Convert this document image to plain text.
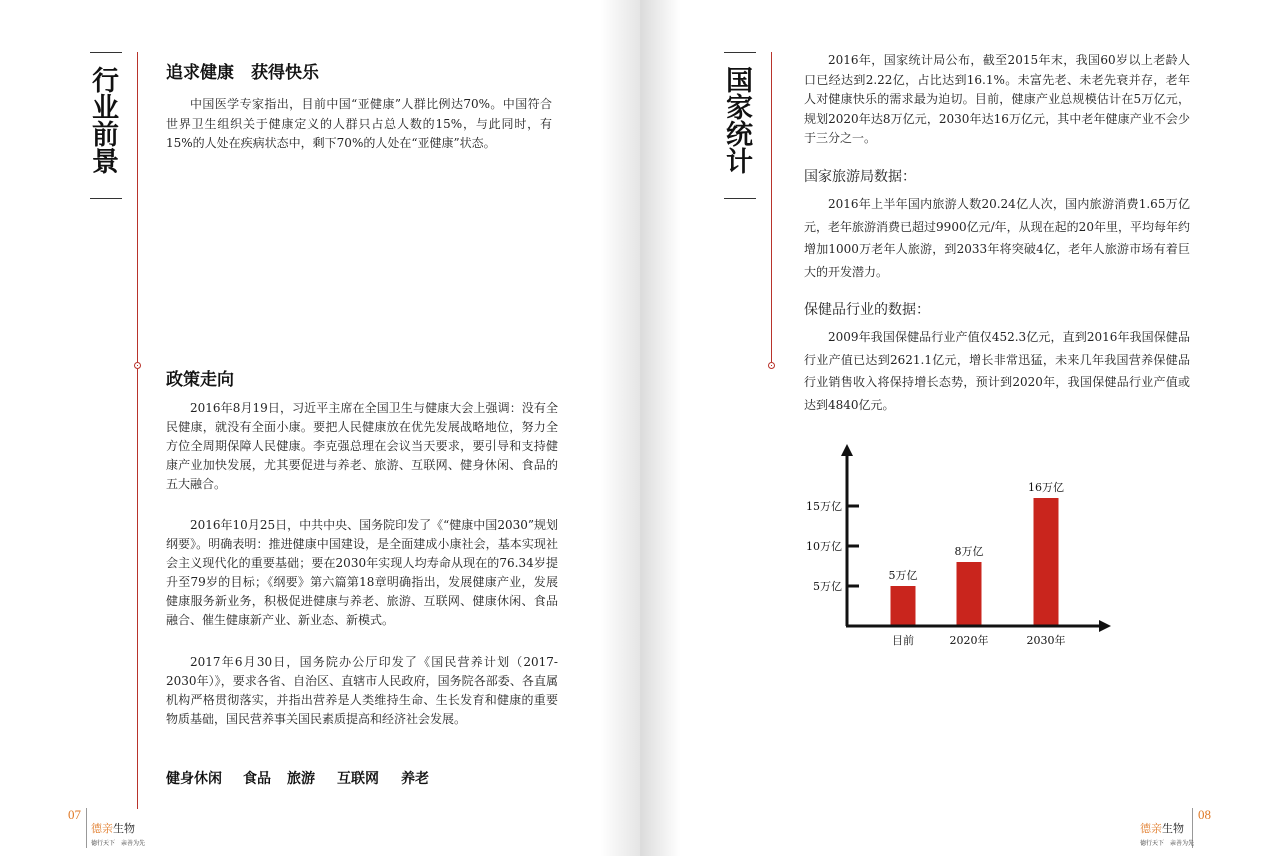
行
业
前
景
追求健康　获得快乐
中国医学专家指出，目前中国“亚健康”人群比例达70%。中国符合世界卫生组织关于健康定义的人群只占总人数的15%，与此同时，有15%的人处在疾病状态中，剩下70%的人处在“亚健康”状态。
政策走向
2016年8月19日，习近平主席在全国卫生与健康大会上强调：没有全民健康，就没有全面小康。要把人民健康放在优先发展战略地位，努力全方位全周期保障人民健康。李克强总理在会议当天要求，要引导和支持健康产业加快发展，尤其要促进与养老、旅游、互联网、健身休闲、食品的五大融合。
2016年10月25日，中共中央、国务院印发了《“健康中国2030”规划纲要》。明确表明：推进健康中国建设，是全面建成小康社会，基本实现社会主义现代化的重要基础；要在2030年实现人均寿命从现在的76.34岁提升至79岁的目标；《纲要》第六篇第18章明确指出，发展健康产业，发展健康服务新业务，积极促进健康与养老、旅游、互联网、健康休闲、食品融合、催生健康新产业、新业态、新模式。
2017年6月30日，国务院办公厅印发了《国民营养计划（2017-2030年）》，要求各省、自治区、直辖市人民政府，国务院各部委、各直属机构严格贯彻落实，并指出营养是人类维持生命、生长发育和健康的重要物质基础，国民营养事关国民素质提高和经济社会发展。
健身休闲 食品 旅游 互联网 养老
07
德亲生物
德行天下　亲善为先
国
家
统
计
2016年，国家统计局公布，截至2015年末，我国60岁以上老龄人口已经达到2.22亿，占比达到16.1%。未富先老、未老先衰并存，老年人对健康快乐的需求最为迫切。目前，健康产业总规模估计在5万亿元，规划2020年达8万亿元，2030年达16万亿元，其中老年健康产业不会少于三分之一。
国家旅游局数据：
2016年上半年国内旅游人数20.24亿人次，国内旅游消费1.65万亿元，老年旅游消费已超过9900亿元/年，从现在起的20年里，平均每年约增加1000万老年人旅游，到2033年将突破4亿，老年人旅游市场有着巨大的开发潜力。
保健品行业的数据：
2009年我国保健品行业产值仅452.3亿元，直到2016年我国保健品行业产值已达到2621.1亿元，增长非常迅猛，未来几年我国营养保健品行业销售收入将保持增长态势，预计到2020年，我国保健品行业产值或达到4840亿元。
08
德亲生物
德行天下　亲善为先
5万亿
10万亿
15万亿
5万亿
目前
8万亿
2020年
16万亿
2030年
